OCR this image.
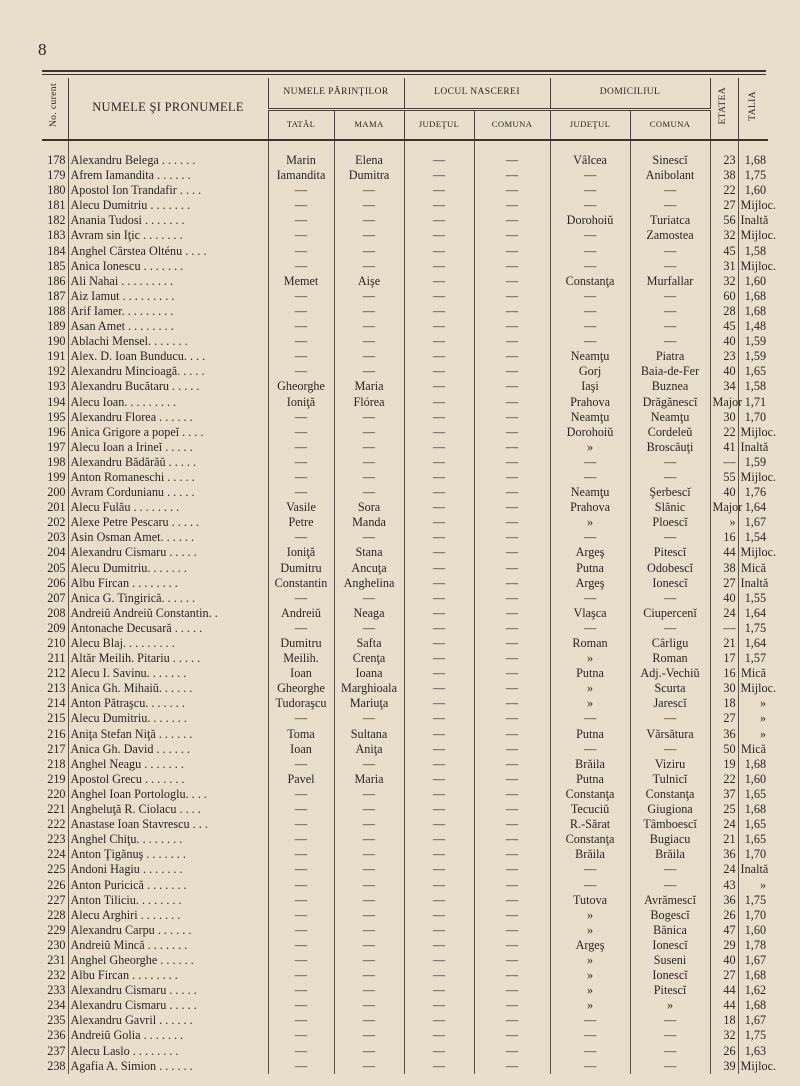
8
No. curent	NUMELE ŞI PRONUMELE	NUMELE PĂRINŢILOR		LOCUL NASCEREI		DOMICILIUL		ETATEA	TALIA
		TATĂL	MAMA	JUDEŢUL	COMUNA	JUDEŢUL	COMUNA		

178	Alexandru Belega . . . . . .	Marin	Elena	—	—	Vâlcea	Sinescĭ	23	1,68
179	Afrem Iamandita . . . . . .	Iamandita	Dumitra	—	—	—	Anibolant	38	1,75
180	Apostol Ion Trandafir . . . .	—	—	—	—	—	—	22	1,60
181	Alecu Dumitriu . . . . . . .	—	—	—	—	—	—	27	Mijloc.
182	Anania Tudosi . . . . . . .	—	—	—	—	Dorohoiŭ	Turiatca	56	Inaltă
183	Avram sin Iţic . . . . . . .	—	—	—	—	—	Zamostea	32	Mijloc.
184	Anghel Cârstea Olténu . . . .	—	—	—	—	—	—	45	1,58
185	Anica Ionescu . . . . . . .	—	—	—	—	—	—	31	Mijloc.
186	Ali Nahai . . . . . . . . .	Memet	Aişe	—	—	Constanţa	Murfallar	32	1,60
187	Aiz Iamut . . . . . . . . .	—	—	—	—	—	—	60	1,68
188	Arif Iamer. . . . . . . . .	—	—	—	—	—	—	28	1,68
189	Asan Amet . . . . . . . .	—	—	—	—	—	—	45	1,48
190	Ablachi Mensel. . . . . . .	—	—	—	—	—	—	40	1,59
191	Alex. D. Ioan Bunducu. . . .	—	—	—	—	Neamţu	Piatra	23	1,59
192	Alexandru Mincioagă. . . . .	—	—	—	—	Gorj	Baia-de-Fer	40	1,65
193	Alexandru Bucătaru . . . . .	Gheorghe	Maria	—	—	Iaşi	Buznea	34	1,58
194	Alecu Ioan. . . . . . . . .	Ioniţă	Flórea	—	—	Prahova	Drăgănescĭ	Major	1,71
195	Alexandru Florea . . . . . .	—	—	—	—	Neamţu	Neamţu	30	1,70
196	Anica Grigore a popeĭ . . . .	—	—	—	—	Dorohoiŭ	Cordeleŭ	22	Mijloc.
197	Alecu Ioan a Irineĭ . . . . .	—	—	—	—	»	Broscăuţi	41	Inaltă
198	Alexandru Bădărăŭ . . . . .	—	—	—	—	—	—	—	1,59
199	Anton Romaneschi . . . . .	—	—	—	—	—	—	55	Mijloc.
200	Avram Cordunianu . . . . .	—	—	—	—	Neamţu	Şerbescĭ	40	1,76
201	Alecu Fulău . . . . . . . .	Vasile	Sora	—	—	Prahova	Slănic	Major	1,64
202	Alexe Petre Pescaru . . . . .	Petre	Manda	—	—	»	Ploescĭ	»	1,67
203	Asin Osman Amet. . . . . .	—	—	—	—	—	—	16	1,54
204	Alexandru Cismaru . . . . .	Ioniţă	Stana	—	—	Argeş	Pitescĭ	44	Mijloc.
205	Alecu Dumitriu. . . . . . .	Dumitru	Ancuţa	—	—	Putna	Odobescĭ	38	Mică
206	Albu Fircan . . . . . . . .	Constantin	Anghelina	—	—	Argeş	Ionescĭ	27	Inaltă
207	Anica G. Tingirică. . . . . .	—	—	—	—	—	—	40	1,55
208	Andreiŭ Andreiŭ Constantin. .	Andreiŭ	Neaga	—	—	Vlaşca	Ciupercenĭ	24	1,64
209	Antonache Decusară . . . . .	—	—	—	—	—	—	—	1,75
210	Alecu Blaj. . . . . . . . .	Dumitru	Safta	—	—	Roman	Cârligu	21	1,64
211	Altăr Meilih. Pitariu . . . . .	Meilih.	Crenţa	—	—	»	Roman	17	1,57
212	Alecu I. Savinu. . . . . . .	Ioan	Ioana	—	—	Putna	Adj.-Vechiŭ	16	Mică
213	Anica Gh. Mihaiŭ. . . . . .	Gheorghe	Marghioala	—	—	»	Scurta	30	Mijloc.
214	Anton Pătraşcu. . . . . . .	Tudoraşcu	Mariuţa	—	—	»	Jarescĭ	18	»
215	Alecu Dumitriu. . . . . . .	—	—	—	—	—	—	27	»
216	Aniţa Stefan Niţă . . . . . .	Toma	Sultana	—	—	Putna	Vărsătura	36	»
217	Anica Gh. David . . . . . .	Ioan	Aniţa	—	—	—	—	50	Mică
218	Anghel Neagu . . . . . . .	—	—	—	—	Brăila	Viziru	19	1,68
219	Apostol Grecu . . . . . . .	Pavel	Maria	—	—	Putna	Tulnicĭ	22	1,60
220	Anghel Ioan Portologlu. . . .	—	—	—	—	Constanţa	Constanţa	37	1,65
221	Angheluţă R. Ciolacu . . . .	—	—	—	—	Tecuciŭ	Giugiona	25	1,68
222	Anastase Ioan Stavrescu . . .	—	—	—	—	R.-Sărat	Tâmboescĭ	24	1,65
223	Anghel Chiţu. . . . . . . .	—	—	—	—	Constanţa	Bugiacu	21	1,65
224	Anton Ţigănuş . . . . . . .	—	—	—	—	Brăila	Brăila	36	1,70
225	Andoni Hagiu . . . . . . .	—	—	—	—	—	—	24	Inaltă
226	Anton Puricică . . . . . . .	—	—	—	—	—	—	43	»
227	Anton Tiliciu. . . . . . . .	—	—	—	—	Tutova	Avrămescĭ	36	1,75
228	Alecu Arghiri . . . . . . .	—	—	—	—	»	Bogescĭ	26	1,70
229	Alexandru Carpu . . . . . .	—	—	—	—	»	Bănica	47	1,60
230	Andreiŭ Mincă . . . . . . .	—	—	—	—	Argeş	Ionescĭ	29	1,78
231	Anghel Gheorghe . . . . . .	—	—	—	—	»	Suseni	40	1,67
232	Albu Fircan . . . . . . . .	—	—	—	—	»	Ionescĭ	27	1,68
233	Alexandru Cismaru . . . . .	—	—	—	—	»	Pitescĭ	44	1,62
234	Alexandru Cismaru . . . . .	—	—	—	—	»	»	44	1,68
235	Alexandru Gavril . . . . . .	—	—	—	—	—	—	18	1,67
236	Andreiŭ Golia . . . . . . .	—	—	—	—	—	—	32	1,75
237	Alecu Laslo . . . . . . . .	—	—	—	—	—	—	26	1,63
238	Agafia A. Simion . . . . . .	—	—	—	—	—	—	39	Mijloc.
